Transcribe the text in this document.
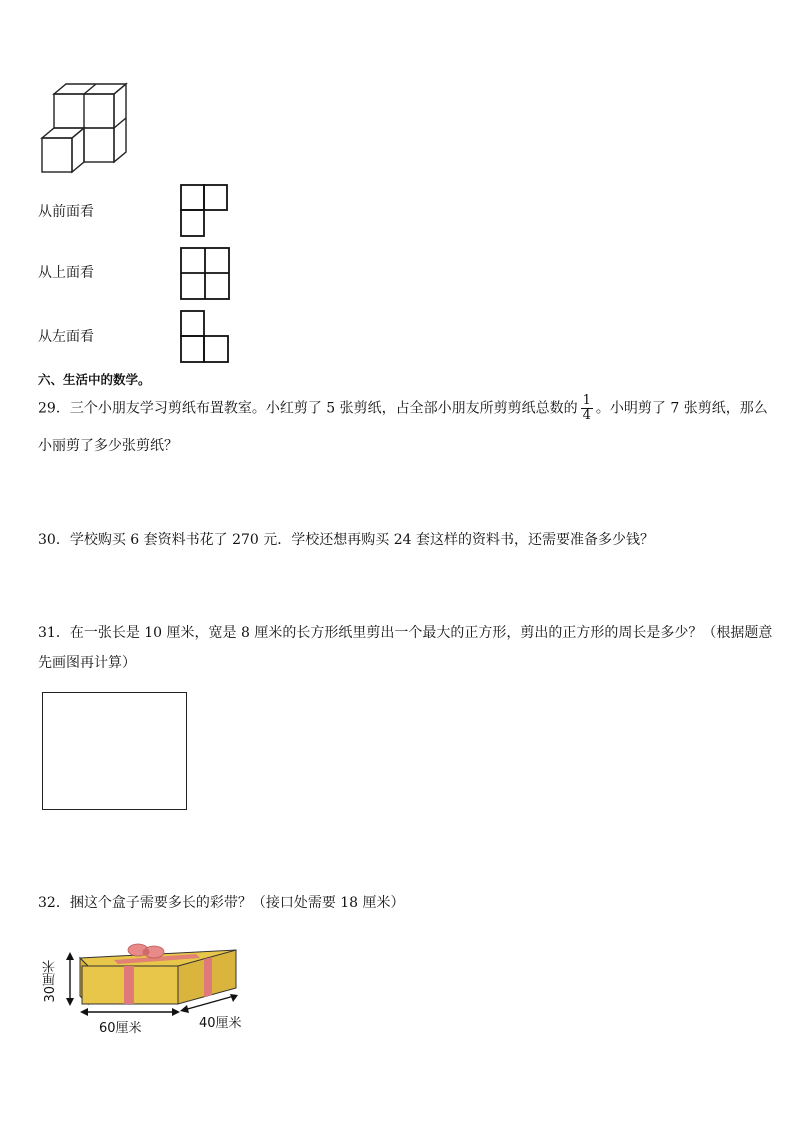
从前面看
从上面看
从左面看
六、生活中的数学。
29．三个小朋友学习剪纸布置教室。小红剪了 5 张剪纸，占全部小朋友所剪剪纸总数的 $\frac{1}{4}$ 。小明剪了 7 张剪纸，那么
小丽剪了多少张剪纸？
30．学校购买 6 套资料书花了 270 元．学校还想再购买 24 套这样的资料书，还需要准备多少钱？
31．在一张长是 10 厘米，宽是 8 厘米的长方形纸里剪出一个最大的正方形，剪出的正方形的周长是多少？（根据题意
先画图再计算）
32．捆这个盒子需要多长的彩带？（接口处需要 18 厘米）
30厘米
60厘米	40厘米
